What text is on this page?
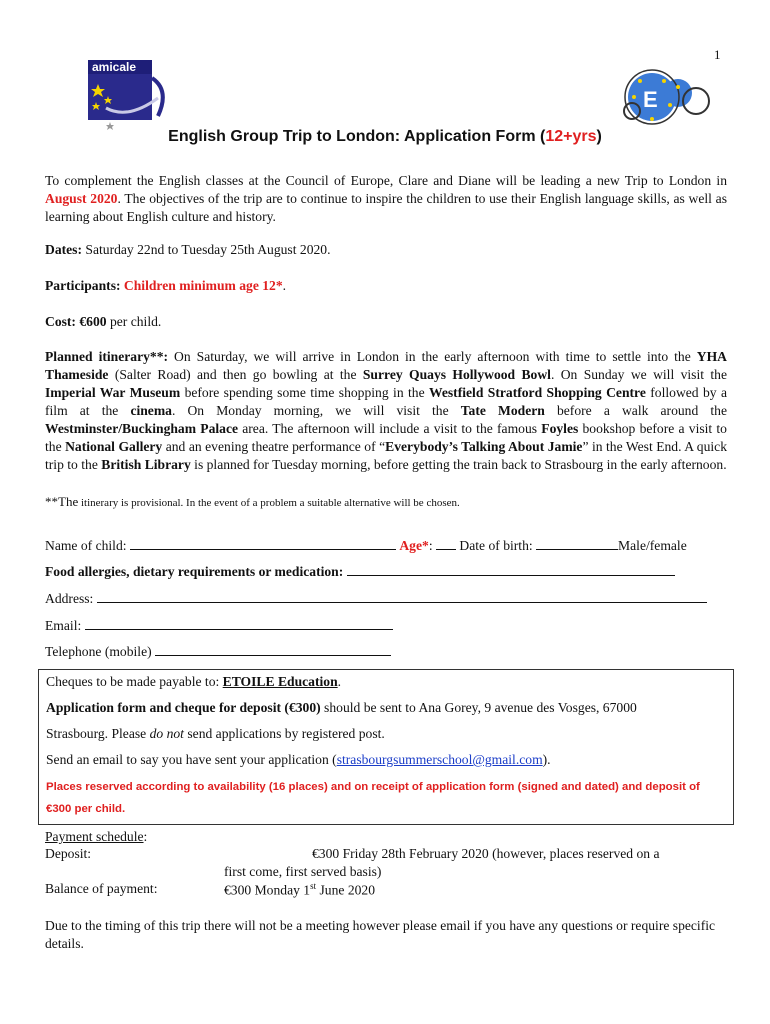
1
amicale
E
English Group Trip to London: Application Form (12+yrs)
To complement the English classes at the Council of Europe, Clare and Diane will be leading a new Trip to London in August 2020. The objectives of the trip are to continue to inspire the children to use their English language skills, as well as learning about English culture and history.
Dates: Saturday 22nd to Tuesday 25th August 2020.
Participants: Children minimum age 12*.
Cost: €600 per child.
Planned itinerary**: On Saturday, we will arrive in London in the early afternoon with time to settle into the YHA Thameside (Salter Road) and then go bowling at the Surrey Quays Hollywood Bowl. On Sunday we will visit the Imperial War Museum before spending some time shopping in the Westfield Stratford Shopping Centre followed by a film at the cinema. On Monday morning, we will visit the Tate Modern before a walk around the Westminster/Buckingham Palace area. The afternoon will include a visit to the famous Foyles bookshop before a visit to the National Gallery and an evening theatre performance of “Everybody’s Talking About Jamie” in the West End. A quick trip to the British Library is planned for Tuesday morning, before getting the train back to Strasbourg in the early afternoon.
**The itinerary is provisional. In the event of a problem a suitable alternative will be chosen.
Name of child:	Age*: Date of birth:	Male/female
Food allergies, dietary requirements or medication:
Address:
Email:
Telephone (mobile)
Cheques to be made payable to: ETOILE Education.
Application form and cheque for deposit (€300) should be sent to Ana Gorey, 9 avenue des Vosges, 67000
Strasbourg. Please do not send applications by registered post.
Send an email to say you have sent your application (strasbourgsummerschool@gmail.com).
Places reserved according to availability (16 places) and on receipt of application form (signed and dated) and deposit of €300 per child.
Payment schedule:
Deposit:	€300 Friday 28th February 2020 (however, places reserved on a
first come, first served basis)
Balance of payment:	€300 Monday 1st June 2020
Due to the timing of this trip there will not be a meeting however please email if you have any questions or require specific details.
